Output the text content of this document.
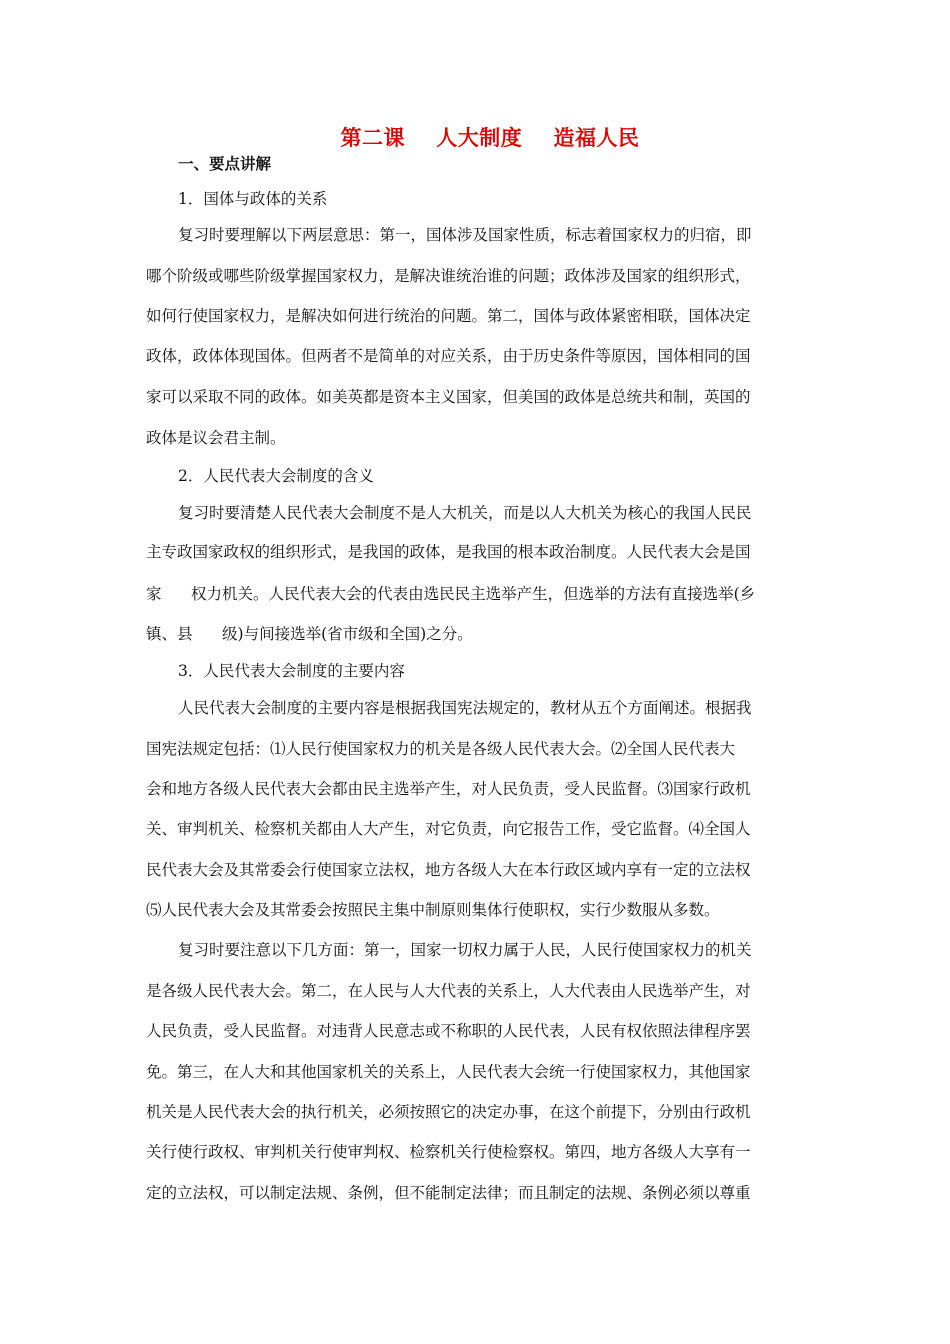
第二课    人大制度    造福人民
一、要点讲解
1．国体与政体的关系
复习时要理解以下两层意思：第一，国体涉及国家性质，标志着国家权力的归宿，即
哪个阶级或哪些阶级掌握国家权力，是解决谁统治谁的问题；政体涉及国家的组织形式，
如何行使国家权力，是解决如何进行统治的问题。第二，国体与政体紧密相联，国体决定
政体，政体体现国体。但两者不是简单的对应关系，由于历史条件等原因，国体相同的国
家可以采取不同的政体。如美英都是资本主义国家，但美国的政体是总统共和制，英国的
政体是议会君主制。
2．人民代表大会制度的含义
复习时要清楚人民代表大会制度不是人大机关，而是以人大机关为核心的我国人民民
主专政国家政权的组织形式，是我国的政体，是我国的根本政治制度。人民代表大会是国
家      权力机关。人民代表大会的代表由选民民主选举产生，但选举的方法有直接选举(乡
镇、县      级)与间接选举(省市级和全国)之分。
3．人民代表大会制度的主要内容
人民代表大会制度的主要内容是根据我国宪法规定的，教材从五个方面阐述。根据我
国宪法规定包括：⑴人民行使国家权力的机关是各级人民代表大会。⑵全国人民代表大
会和地方各级人民代表大会都由民主选举产生，对人民负责，受人民监督。⑶国家行政机
关、审判机关、检察机关都由人大产生，对它负责，向它报告工作，受它监督。⑷全国人
民代表大会及其常委会行使国家立法权，地方各级人大在本行政区域内享有一定的立法权
⑸人民代表大会及其常委会按照民主集中制原则集体行使职权，实行少数服从多数。
复习时要注意以下几方面：第一，国家一切权力属于人民，人民行使国家权力的机关
是各级人民代表大会。第二，在人民与人大代表的关系上，人大代表由人民选举产生，对
人民负责，受人民监督。对违背人民意志或不称职的人民代表，人民有权依照法律程序罢
免。第三，在人大和其他国家机关的关系上，人民代表大会统一行使国家权力，其他国家
机关是人民代表大会的执行机关，必须按照它的决定办事，在这个前提下，分别由行政机
关行使行政权、审判机关行使审判权、检察机关行使检察权。第四，地方各级人大享有一
定的立法权，可以制定法规、条例，但不能制定法律；而且制定的法规、条例必须以尊重
